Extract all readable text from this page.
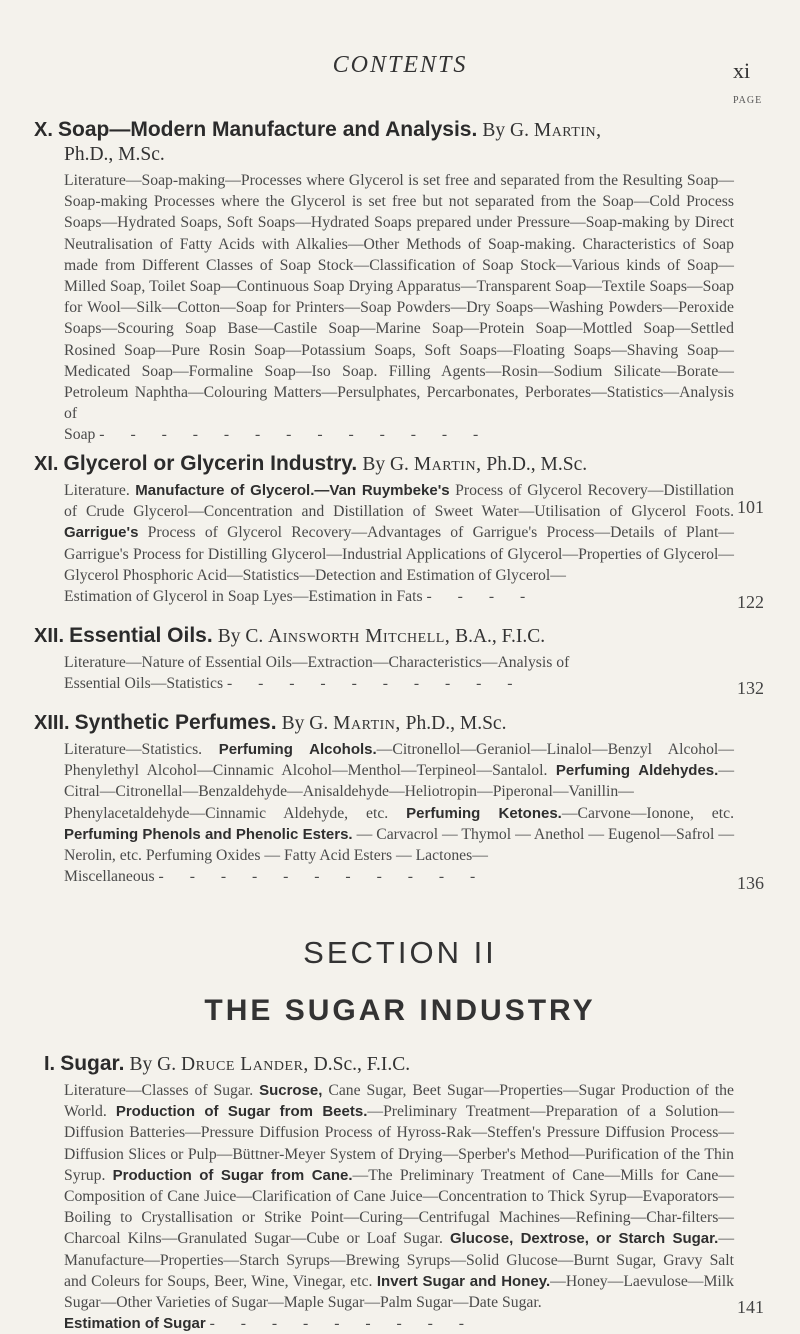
CONTENTS	xi
PAGE
X. Soap—Modern Manufacture and Analysis. By G. Martin,
Ph.D., M.Sc.
Literature—Soap-making—Processes where Glycerol is set free and separated from the Resulting Soap—Soap-making Processes where the Glycerol is set free but not separated from the Soap—Cold Process Soaps—Hydrated Soaps, Soft Soaps—Hydrated Soaps prepared under Pressure—Soap-making by Direct Neutralisation of Fatty Acids with Alkalies—Other Methods of Soap-making. Characteristics of Soap made from Different Classes of Soap Stock—Classification of Soap Stock—Various kinds of Soap—Milled Soap, Toilet Soap—Continuous Soap Drying Apparatus—Transparent Soap—Textile Soaps—Soap for Wool—Silk—Cotton—Soap for Printers—Soap Powders—Dry Soaps—Washing Powders—Peroxide Soaps—Scouring Soap Base—Castile Soap—Marine Soap—Protein Soap—Mottled Soap—Settled Rosined Soap—Pure Rosin Soap—Potassium Soaps, Soft Soaps—Floating Soaps—Shaving Soap—Medicated Soap—Formaline Soap—Iso Soap. Filling Agents—Rosin—Sodium Silicate—Borate—Petroleum Naphtha—Colouring Matters—Persulphates, Percarbonates, Perborates—Statistics—Analysis of
Soap - - - - - - - - - - - - -
101
XI. Glycerol or Glycerin Industry. By G. Martin, Ph.D., M.Sc.
Literature. Manufacture of Glycerol.—Van Ruymbeke's Process of Glycerol Recovery—Distillation of Crude Glycerol—Concentration and Distillation of Sweet Water—Utilisation of Glycerol Foots. Garrigue's Process of Glycerol Recovery—Advantages of Garrigue's Process—Details of Plant—Garrigue's Process for Distilling Glycerol—Industrial Applications of Glycerol—Properties of Glycerol—Glycerol Phosphoric Acid—Statistics—Detection and Estimation of Glycerol—
Estimation of Glycerol in Soap Lyes—Estimation in Fats - - - -	122
XII. Essential Oils. By C. Ainsworth Mitchell, B.A., F.I.C.
Literature—Nature of Essential Oils—Extraction—Characteristics—Analysis of
Essential Oils—Statistics - - - - - - - - - -	132
XIII. Synthetic Perfumes. By G. Martin, Ph.D., M.Sc.
Literature—Statistics. Perfuming Alcohols.—Citronellol—Geraniol—Linalol—Benzyl Alcohol—Phenylethyl Alcohol—Cinnamic Alcohol—Menthol—Terpineol—Santalol. Perfuming Aldehydes.—Citral—Citronellal—Benzaldehyde—Anisaldehyde—Heliotropin—Piperonal—Vanillin—Phenylacetaldehyde—Cinnamic Aldehyde, etc. Perfuming Ketones.—Carvone—Ionone, etc. Perfuming Phenols and Phenolic Esters. — Carvacrol — Thymol — Anethol — Eugenol—Safrol — Nerolin, etc. Perfuming Oxides — Fatty Acid Esters — Lactones—
Miscellaneous - - - - - - - - - - -	136
SECTION II
THE SUGAR INDUSTRY
I. Sugar. By G. Druce Lander, D.Sc., F.I.C.
Literature—Classes of Sugar. Sucrose, Cane Sugar, Beet Sugar—Properties—Sugar Production of the World. Production of Sugar from Beets.—Preliminary Treatment—Preparation of a Solution—Diffusion Batteries—Pressure Diffusion Process of Hyross-Rak—Steffen's Pressure Diffusion Process—Diffusion Slices or Pulp—Büttner-Meyer System of Drying—Sperber's Method—Purification of the Thin Syrup. Production of Sugar from Cane.—The Preliminary Treatment of Cane—Mills for Cane—Composition of Cane Juice—Clarification of Cane Juice—Concentration to Thick Syrup—Evaporators—Boiling to Crystallisation or Strike Point—Curing—Centrifugal Machines—Refining—Char-filters—Charcoal Kilns—Granulated Sugar—Cube or Loaf Sugar. Glucose, Dextrose, or Starch Sugar.—Manufacture—Properties—Starch Syrups—Brewing Syrups—Solid Glucose—Burnt Sugar, Gravy Salt and Coleurs for Soups, Beer, Wine, Vinegar, etc. Invert Sugar and Honey.—Honey—Laevulose—Milk Sugar—Other Varieties of Sugar—Maple Sugar—Palm Sugar—Date Sugar.
Estimation of Sugar - - - - - - - - -
141
